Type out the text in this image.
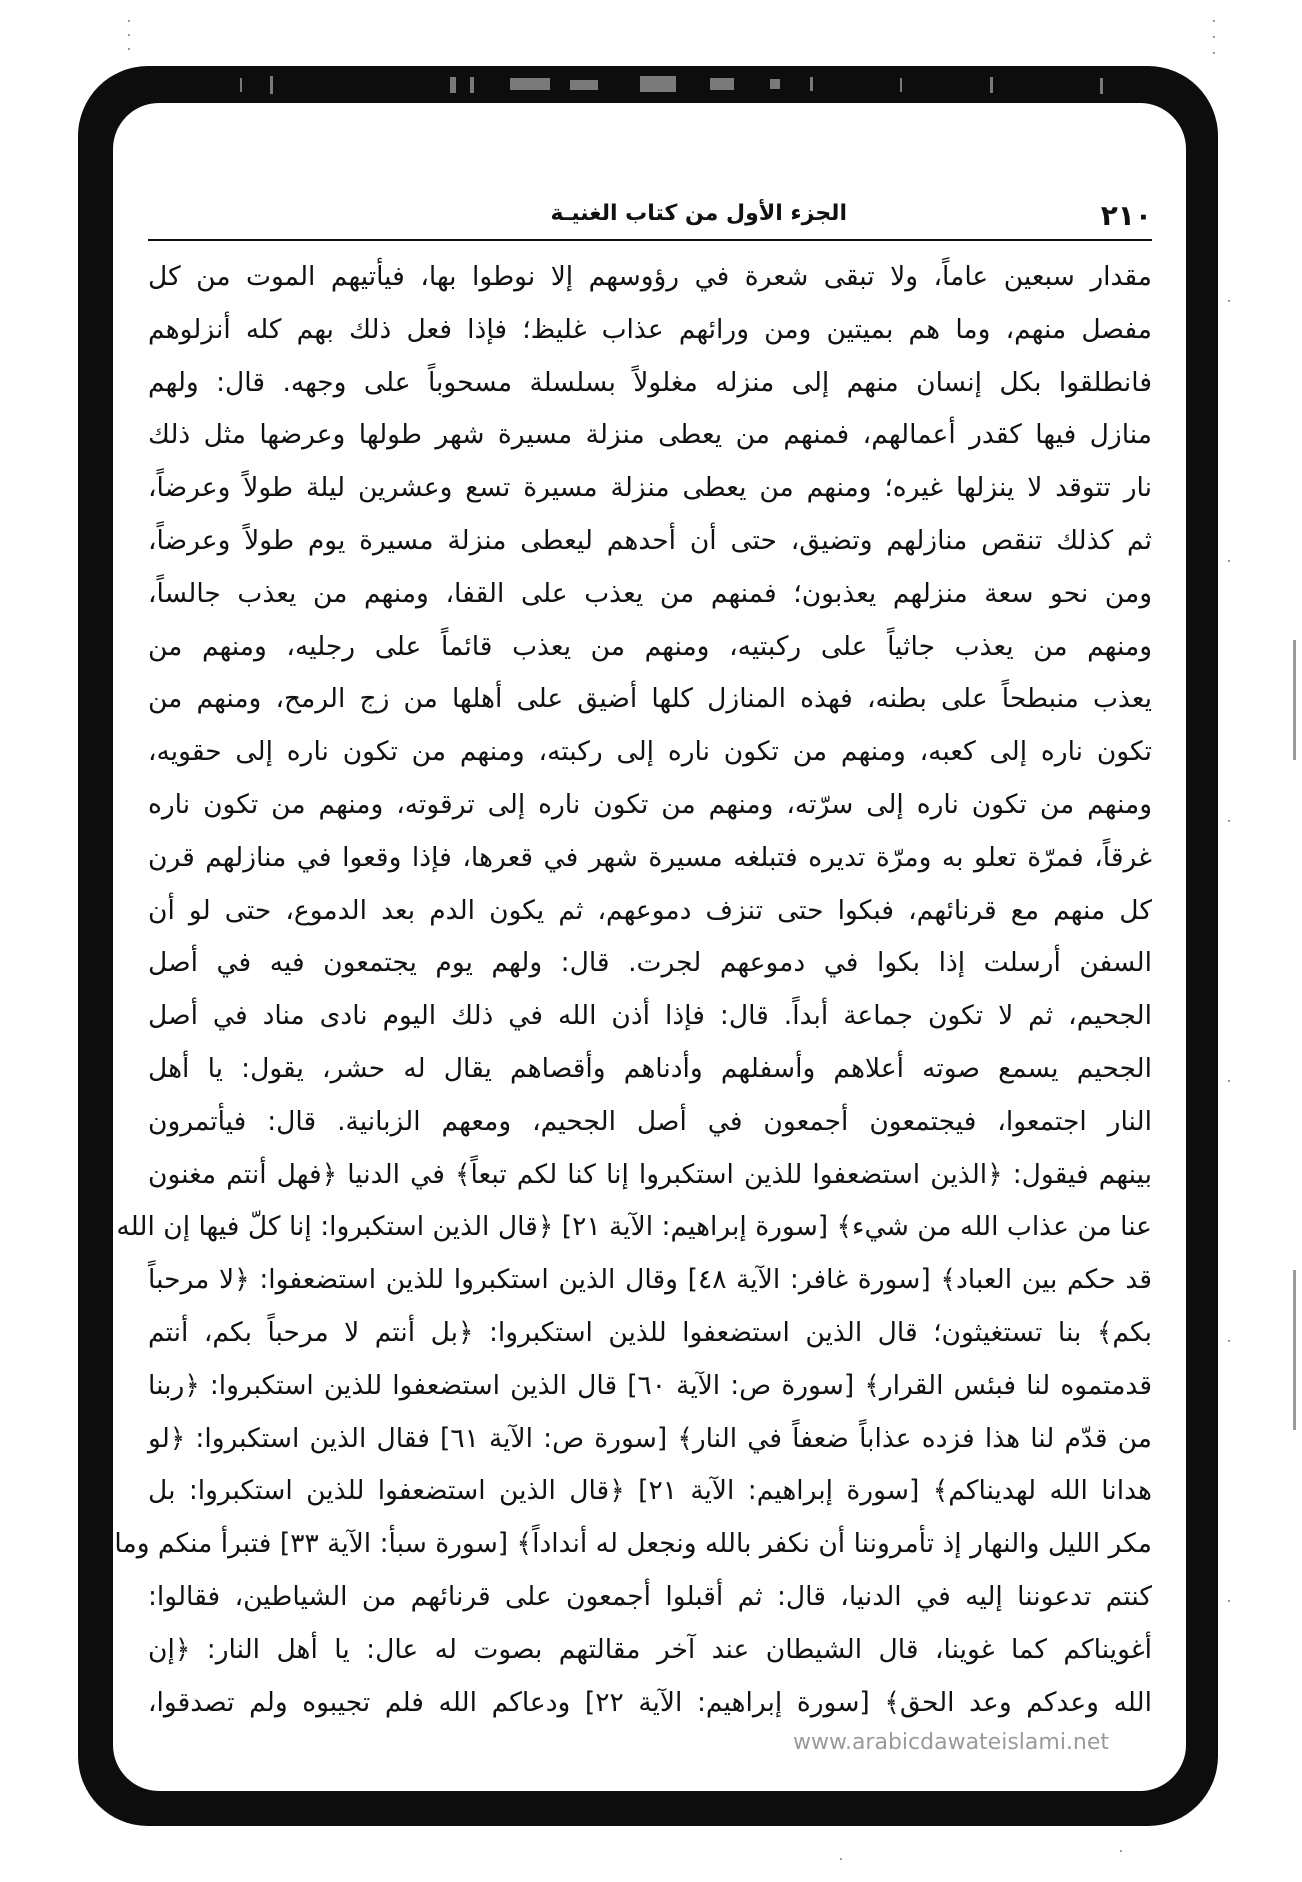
٢١٠
الجزء الأول من كتاب الغنيـة
مقدار سبعين عاماً، ولا تبقى شعرة في رؤوسهم إلا نوطوا بها، فيأتيهم الموت من كل
مفصل منهم، وما هم بميتين ومن ورائهم عذاب غليظ؛ فإذا فعل ذلك بهم كله أنزلوهم
فانطلقوا بكل إنسان منهم إلى منزله مغلولاً بسلسلة مسحوباً على وجهه. قال: ولهم
منازل فيها كقدر أعمالهم، فمنهم من يعطى منزلة مسيرة شهر طولها وعرضها مثل ذلك
نار تتوقد لا ينزلها غيره؛ ومنهم من يعطى منزلة مسيرة تسع وعشرين ليلة طولاً وعرضاً،
ثم كذلك تنقص منازلهم وتضيق، حتى أن أحدهم ليعطى منزلة مسيرة يوم طولاً وعرضاً،
ومن نحو سعة منزلهم يعذبون؛ فمنهم من يعذب على القفا، ومنهم من يعذب جالساً،
ومنهم من يعذب جاثياً على ركبتيه، ومنهم من يعذب قائماً على رجليه، ومنهم من
يعذب منبطحاً على بطنه، فهذه المنازل كلها أضيق على أهلها من زج الرمح، ومنهم من
تكون ناره إلى كعبه، ومنهم من تكون ناره إلى ركبته، ومنهم من تكون ناره إلى حقويه،
ومنهم من تكون ناره إلى سرّته، ومنهم من تكون ناره إلى ترقوته، ومنهم من تكون ناره
غرقاً، فمرّة تعلو به ومرّة تديره فتبلغه مسيرة شهر في قعرها، فإذا وقعوا في منازلهم قرن
كل منهم مع قرنائهم، فبكوا حتى تنزف دموعهم، ثم يكون الدم بعد الدموع، حتى لو أن
السفن أرسلت إذا بكوا في دموعهم لجرت. قال: ولهم يوم يجتمعون فيه في أصل
الجحيم، ثم لا تكون جماعة أبداً. قال: فإذا أذن الله في ذلك اليوم نادى مناد في أصل
الجحيم يسمع صوته أعلاهم وأسفلهم وأدناهم وأقصاهم يقال له حشر، يقول: يا أهل
النار اجتمعوا، فيجتمعون أجمعون في أصل الجحيم، ومعهم الزبانية. قال: فيأتمرون
بينهم فيقول: ﴿الذين استضعفوا للذين استكبروا إنا كنا لكم تبعاً﴾ في الدنيا ﴿فهل أنتم مغنون
عنا من عذاب الله من شيء﴾ [سورة إبراهيم: الآية ٢١] ﴿قال الذين استكبروا: إنا كلّ فيها إن الله
قد حكم بين العباد﴾ [سورة غافر: الآية ٤٨] وقال الذين استكبروا للذين استضعفوا: ﴿لا مرحباً
بكم﴾ بنا تستغيثون؛ قال الذين استضعفوا للذين استكبروا: ﴿بل أنتم لا مرحباً بكم، أنتم
قدمتموه لنا فبئس القرار﴾ [سورة ص: الآية ٦٠] قال الذين استضعفوا للذين استكبروا: ﴿ربنا
من قدّم لنا هذا فزده عذاباً ضعفاً في النار﴾ [سورة ص: الآية ٦١] فقال الذين استكبروا: ﴿لو
هدانا الله لهديناكم﴾ [سورة إبراهيم: الآية ٢١] ﴿قال الذين استضعفوا للذين استكبروا: بل
مكر الليل والنهار إذ تأمروننا أن نكفر بالله ونجعل له أنداداً﴾ [سورة سبأ: الآية ٣٣] فتبرأ منكم وما
كنتم تدعوننا إليه في الدنيا، قال: ثم أقبلوا أجمعون على قرنائهم من الشياطين، فقالوا:
أغويناكم كما غوينا، قال الشيطان عند آخر مقالتهم بصوت له عال: يا أهل النار: ﴿إن
الله وعدكم وعد الحق﴾ [سورة إبراهيم: الآية ٢٢] ودعاكم الله فلم تجيبوه ولم تصدقوا،
www.arabicdawateislami.net
